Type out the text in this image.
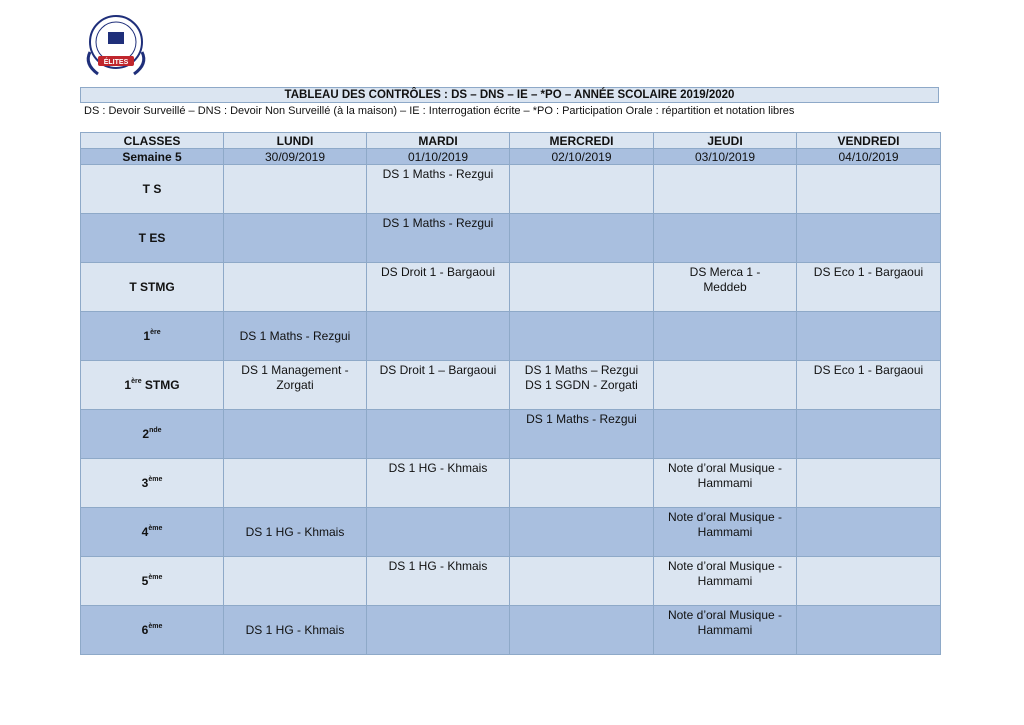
ÉLITES
TABLEAU DES CONTRÔLES : DS – DNS – IE – *PO – ANNÉE SCOLAIRE 2019/2020
DS : Devoir Surveillé – DNS : Devoir Non Surveillé (à la maison) – IE : Interrogation écrite – *PO : Participation Orale : répartition et notation libres
CLASSES	LUNDI	MARDI	MERCREDI	JEUDI	VENDREDI
Semaine 5	30/09/2019	01/10/2019	02/10/2019	03/10/2019	04/10/2019
T S		DS 1 Maths - Rezgui			

T ES		DS 1 Maths - Rezgui			

T STMG		DS Droit 1 - Bargaoui		DS Merca 1 -
Meddeb	DS Eco 1 - Bargaoui

1ère	DS 1 Maths - Rezgui				

1ère STMG	DS 1 Management -
Zorgati	DS Droit 1 – Bargaoui	DS 1 Maths – Rezgui
DS 1 SGDN - Zorgati		DS Eco 1 - Bargaoui

2nde			DS 1 Maths - Rezgui		

3ème		DS 1 HG - Khmais		Note d’oral Musique -
Hammami	

4ème	DS 1 HG - Khmais			Note d’oral Musique -
Hammami	

5ème		DS 1 HG - Khmais		Note d’oral Musique -
Hammami	

6ème	DS 1 HG - Khmais			Note d’oral Musique -
Hammami	
